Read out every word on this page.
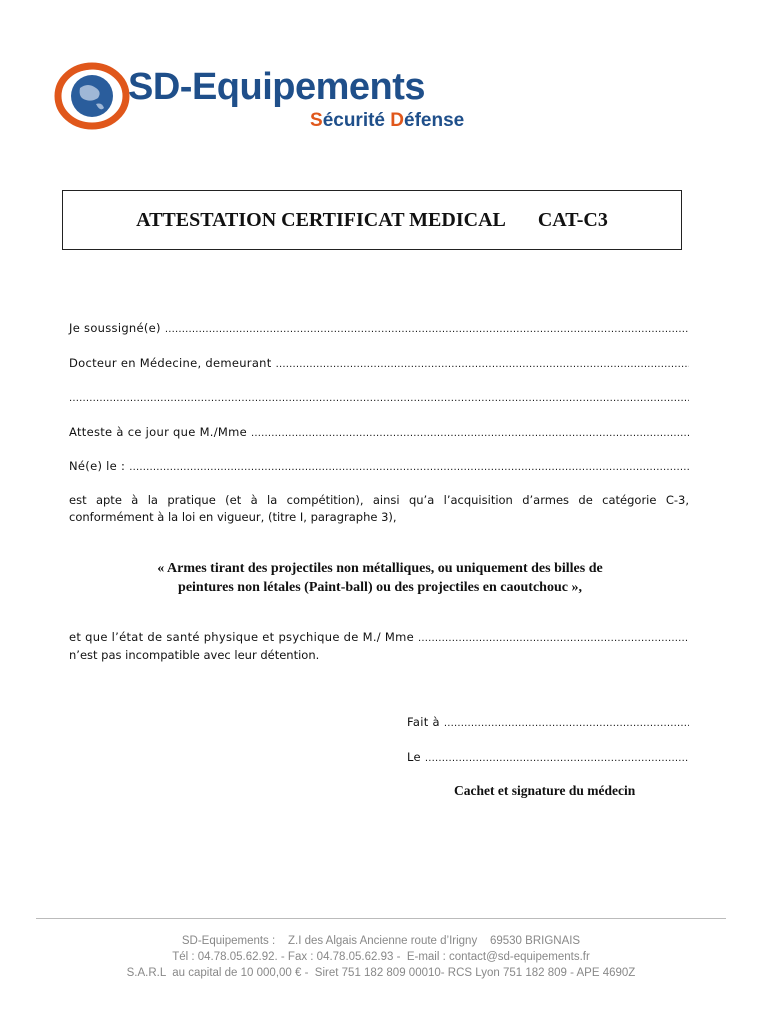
SD-Equipements
Sécurité Défense
ATTESTATION CERTIFICAT MEDICAL CAT-C3
Je soussigné(e)
.....
Docteur en Médecine, demeurant
.....
.....
Atteste à ce jour que M./Mme
.....
Né(e) le :
.....
est apte à la pratique (et à la compétition), ainsi qu’a l’acquisition d’armes de catégorie C-3, conformément à la loi en vigueur, (titre I, paragraphe 3),
« Armes tirant des projectiles non métalliques, ou uniquement des billes de
peintures non létales (Paint-ball) ou des projectiles en caoutchouc »,
et que l’état de santé physique et psychique de M./ Mme
.....
n’est pas incompatible avec leur détention.
Fait à
.....
Le
.....
Cachet et signature du médecin
SD-Equipements :    Z.I des Algais Ancienne route d’Irigny    69530 BRIGNAIS
Tél : 04.78.05.62.92. - Fax : 04.78.05.62.93 -  E-mail : contact@sd-equipements.fr
S.A.R.L  au capital de 10 000,00 € -  Siret 751 182 809 00010- RCS Lyon 751 182 809 - APE 4690Z
